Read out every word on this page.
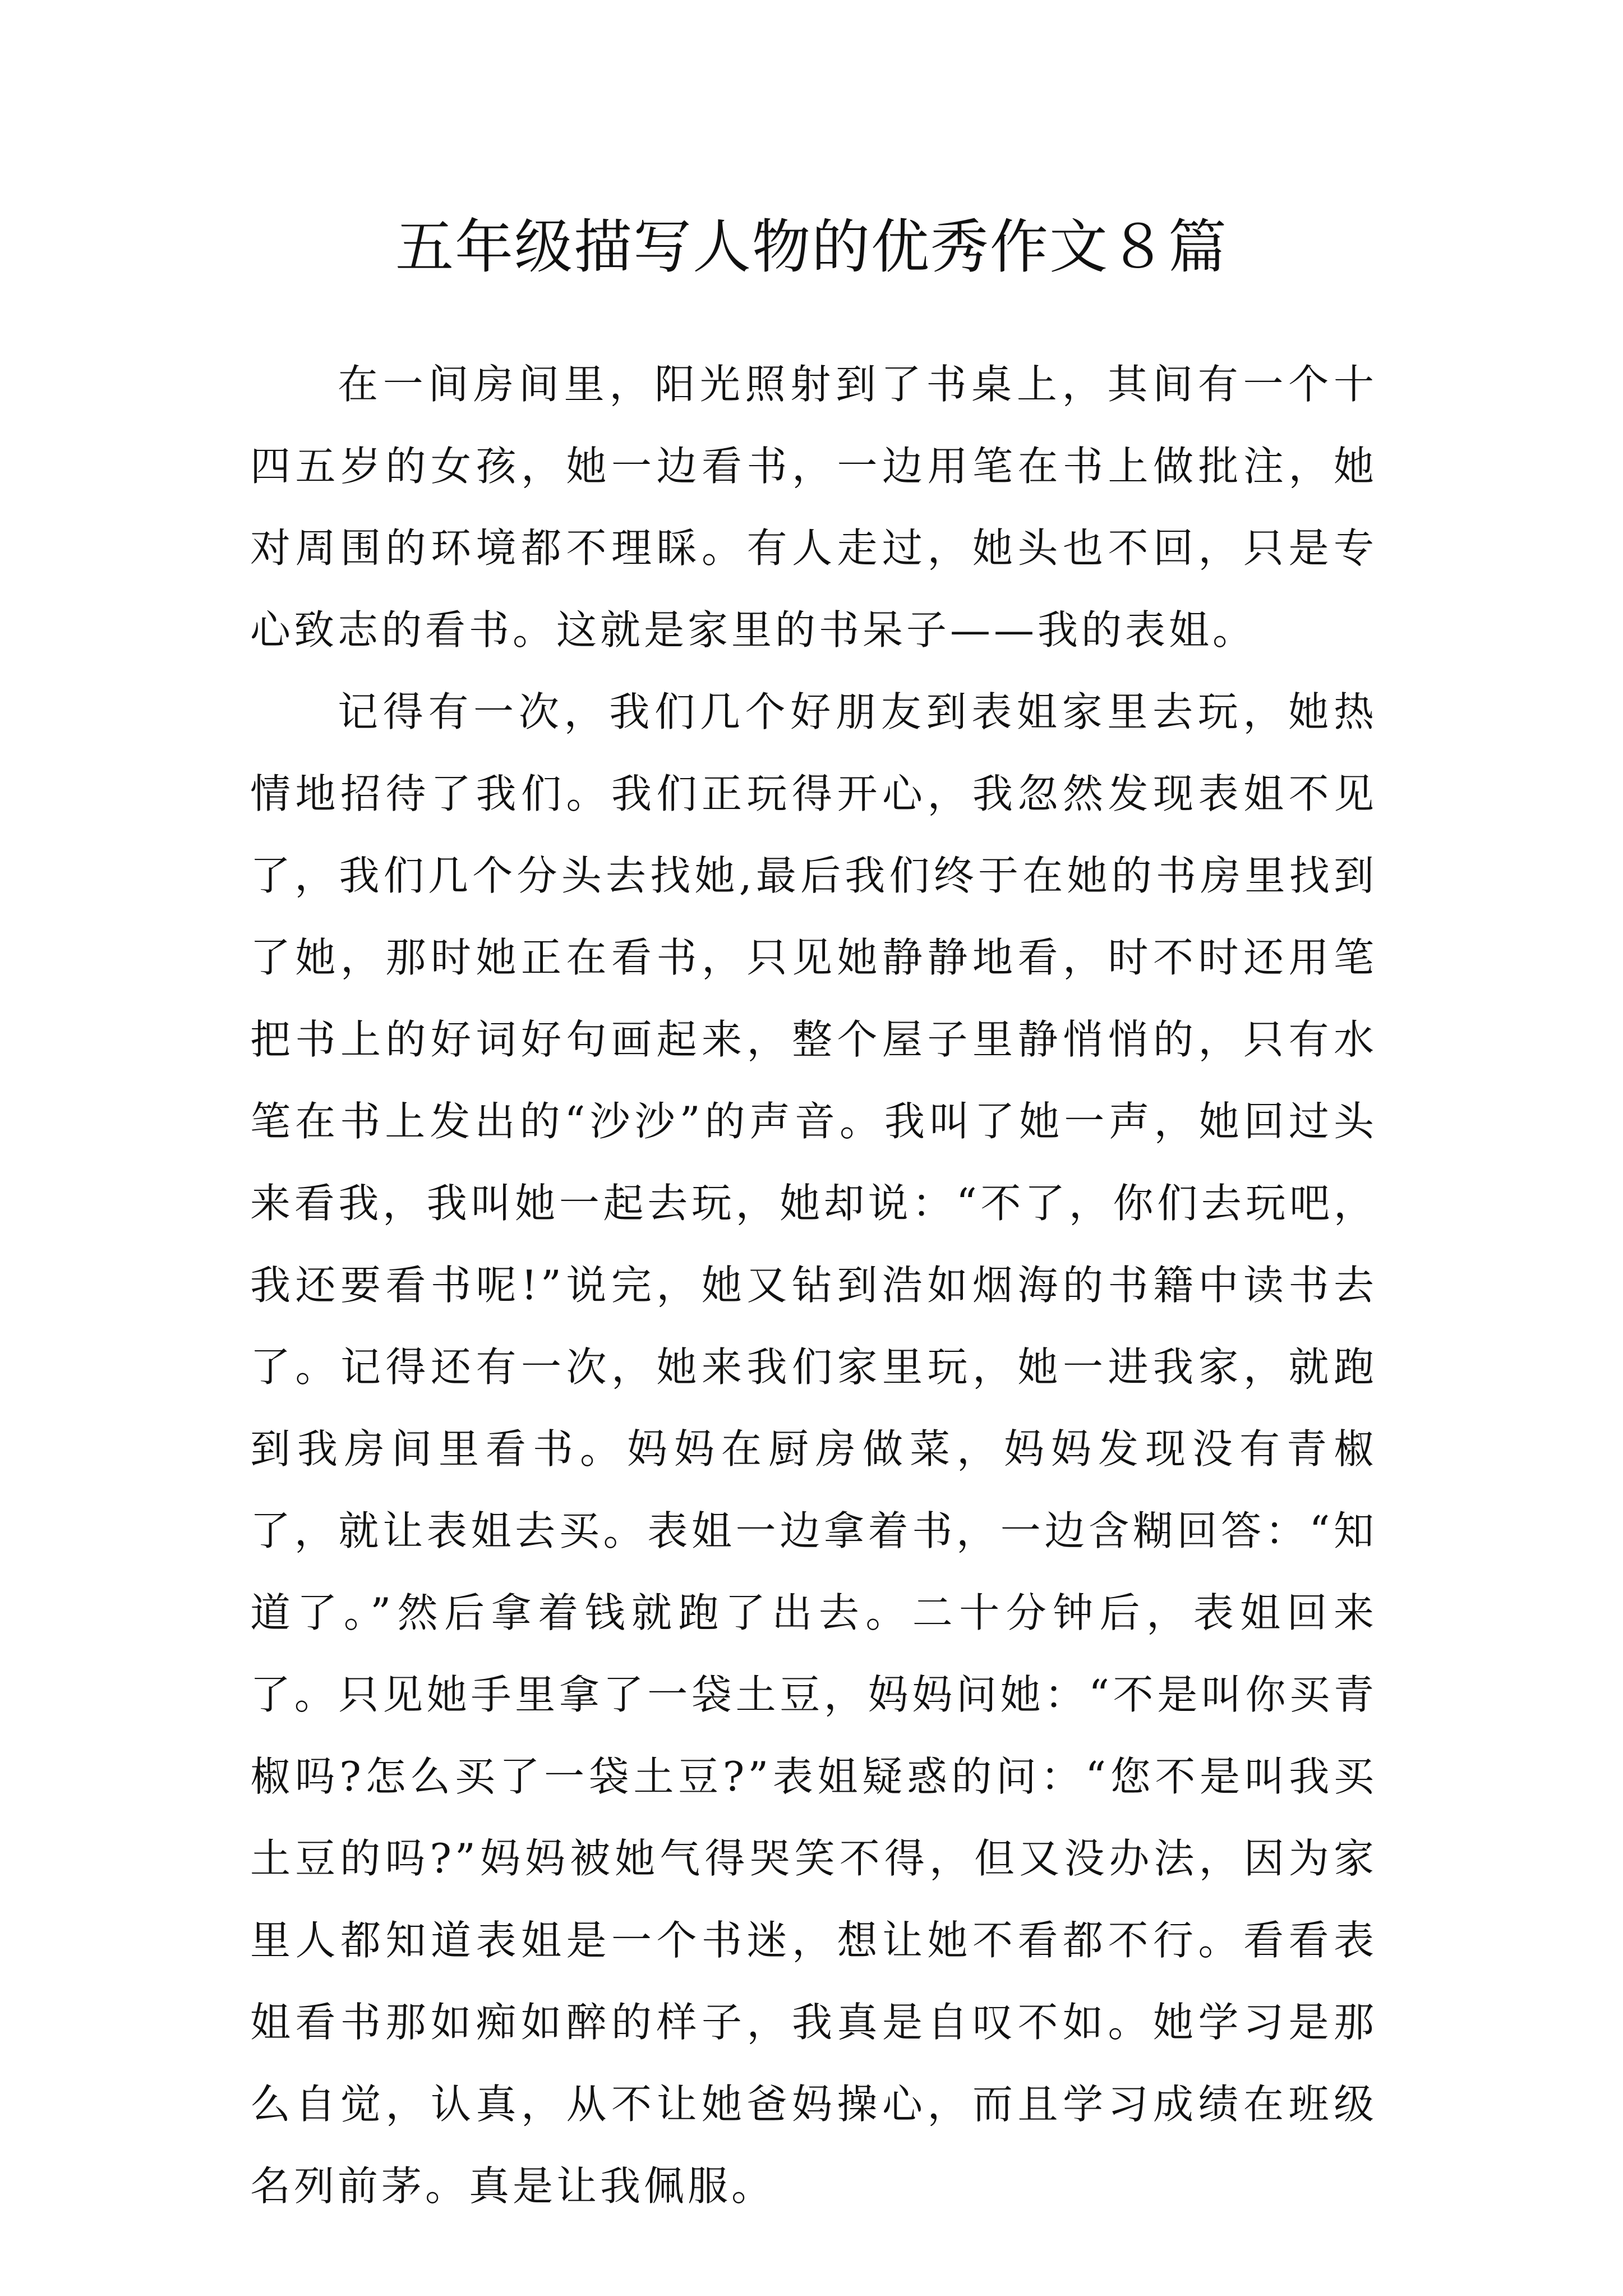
五年级描写人物的优秀作文８篇

在一间房间里，阳光照射到了书桌上，其间有一个十四五岁的女孩，她一边看书，一边用笔在书上做批注，她对周围的环境都不理睬。有人走过，她头也不回，只是专心致志的看书。这就是家里的书呆子——我的表姐。

记得有一次，我们几个好朋友到表姐家里去玩，她热情地招待了我们。我们正玩得开心，我忽然发现表姐不见了，我们几个分头去找她,最后我们终于在她的书房里找到了她，那时她正在看书，只见她静静地看，时不时还用笔把书上的好词好句画起来，整个屋子里静悄悄的，只有水笔在书上发出的“沙沙”的声音。我叫了她一声，她回过头来看我，我叫她一起去玩，她却说：“不了，你们去玩吧，我还要看书呢!”说完，她又钻到浩如烟海的书籍中读书去了。记得还有一次，她来我们家里玩，她一进我家，就跑到我房间里看书。妈妈在厨房做菜，妈妈发现没有青椒了，就让表姐去买。表姐一边拿着书，一边含糊回答：“知道了。”然后拿着钱就跑了出去。二十分钟后，表姐回来了。只见她手里拿了一袋土豆，妈妈问她：“不是叫你买青椒吗?怎么买了一袋土豆?”表姐疑惑的问：“您不是叫我买土豆的吗?”妈妈被她气得哭笑不得，但又没办法，因为家里人都知道表姐是一个书迷，想让她不看都不行。看看表姐看书那如痴如醉的样子，我真是自叹不如。她学习是那么自觉，认真，从不让她爸妈操心，而且学习成绩在班级名列前茅。真是让我佩服。
